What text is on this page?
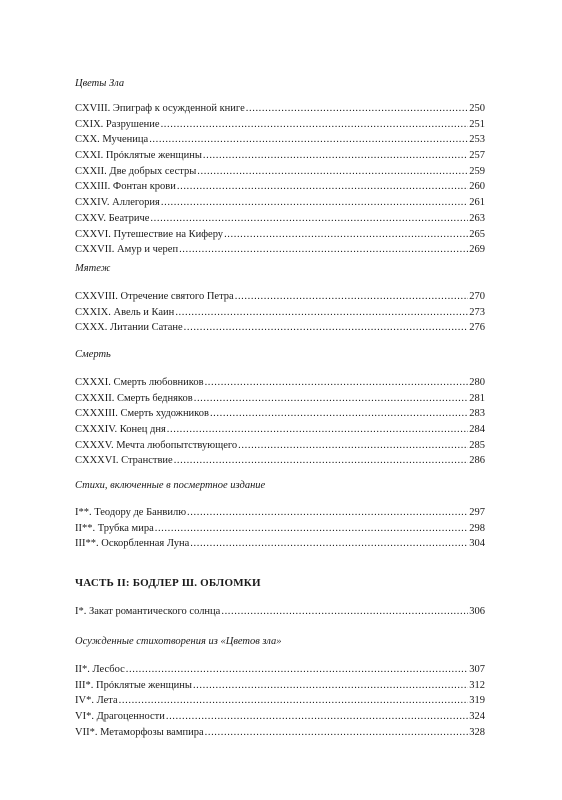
Цветы Зла
CXVIII. Эпиграф к осужденной книге .....	250
CXIX. Разрушение .....	251
CXX. Мученица .....	253
CXXI. Прóклятые женщины .....	257
CXXII. Две добрых сестры .....	259
CXXIII. Фонтан крови .....	260
CXXIV. Аллегория .....	261
CXXV. Беатриче .....	263
CXXVI. Путешествие на Киферу .....	265
CXXVII. Амур и череп .....	269
Мятеж
CXXVIII. Отречение святого Петра .....	270
CXXIX. Авель и Каин .....	273
CXXX. Литании Сатане .....	276
Смерть
CXXXI. Смерть любовников .....	280
CXXXII. Смерть бедняков .....	281
CXXXIII. Смерть художников .....	283
CXXXIV. Конец дня .....	284
CXXXV. Мечта любопытствующего .....	285
CXXXVI. Странствие .....	286
Стихи, включенные в посмертное издание
I**. Теодору де Банвилю .....	297
II**. Трубка мира .....	298
III**. Оскорбленная Луна .....	304
ЧАСТЬ II: БОДЛЕР Ш. ОБЛОМКИ
I*. Закат романтического солнца .....	306
Осужденные стихотворения из «Цветов зла»
II*. Лесбос .....	307
III*. Прóклятые женщины .....	312
IV*. Лета .....	319
VI*. Драгоценности .....	324
VII*. Метаморфозы вампира .....	328
